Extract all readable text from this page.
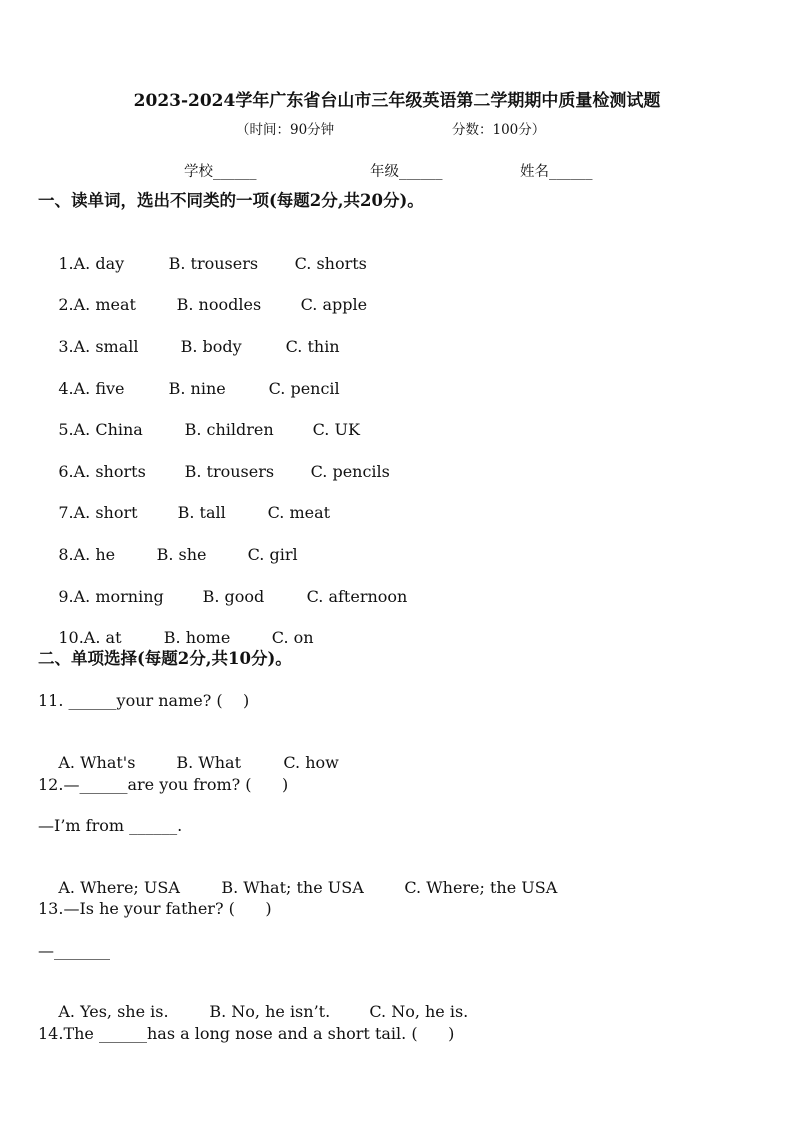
2023-2024学年广东省台山市三年级英语第二学期期中质量检测试题
（时间：90分钟	分数：100分）
学校______	年级______	姓名______
一、读单词，选出不同类的一项(每题2分,共20分)。

1.A. day	B. trousers C. shorts

2.A. meat	B. noodles C. apple

3.A. small	B. body	C. thin

4.A. five	B. nine	C. pencil

5.A. China	B. children C. UK

6.A. shorts B. trousers C. pencils

7.A. short	B. tall	C. meat

8.A. he	B. she	C. girl

9.A. morning B. good	C. afternoon

10.A. at	B. home	C. on

二、单项选择(每题2分,共10分)。
11. ______your name? (    )

A. What's	B. What	C. how

12.—______are you from? (      )
—I’m from ______.

A. Where; USA	B. What; the USA	C. Where; the USA

13.—Is he your father? (      )
—_______

A. Yes, she is.	B. No, he isn’t. C. No, he is.

14.The ______has a long nose and a short tail. (      )
